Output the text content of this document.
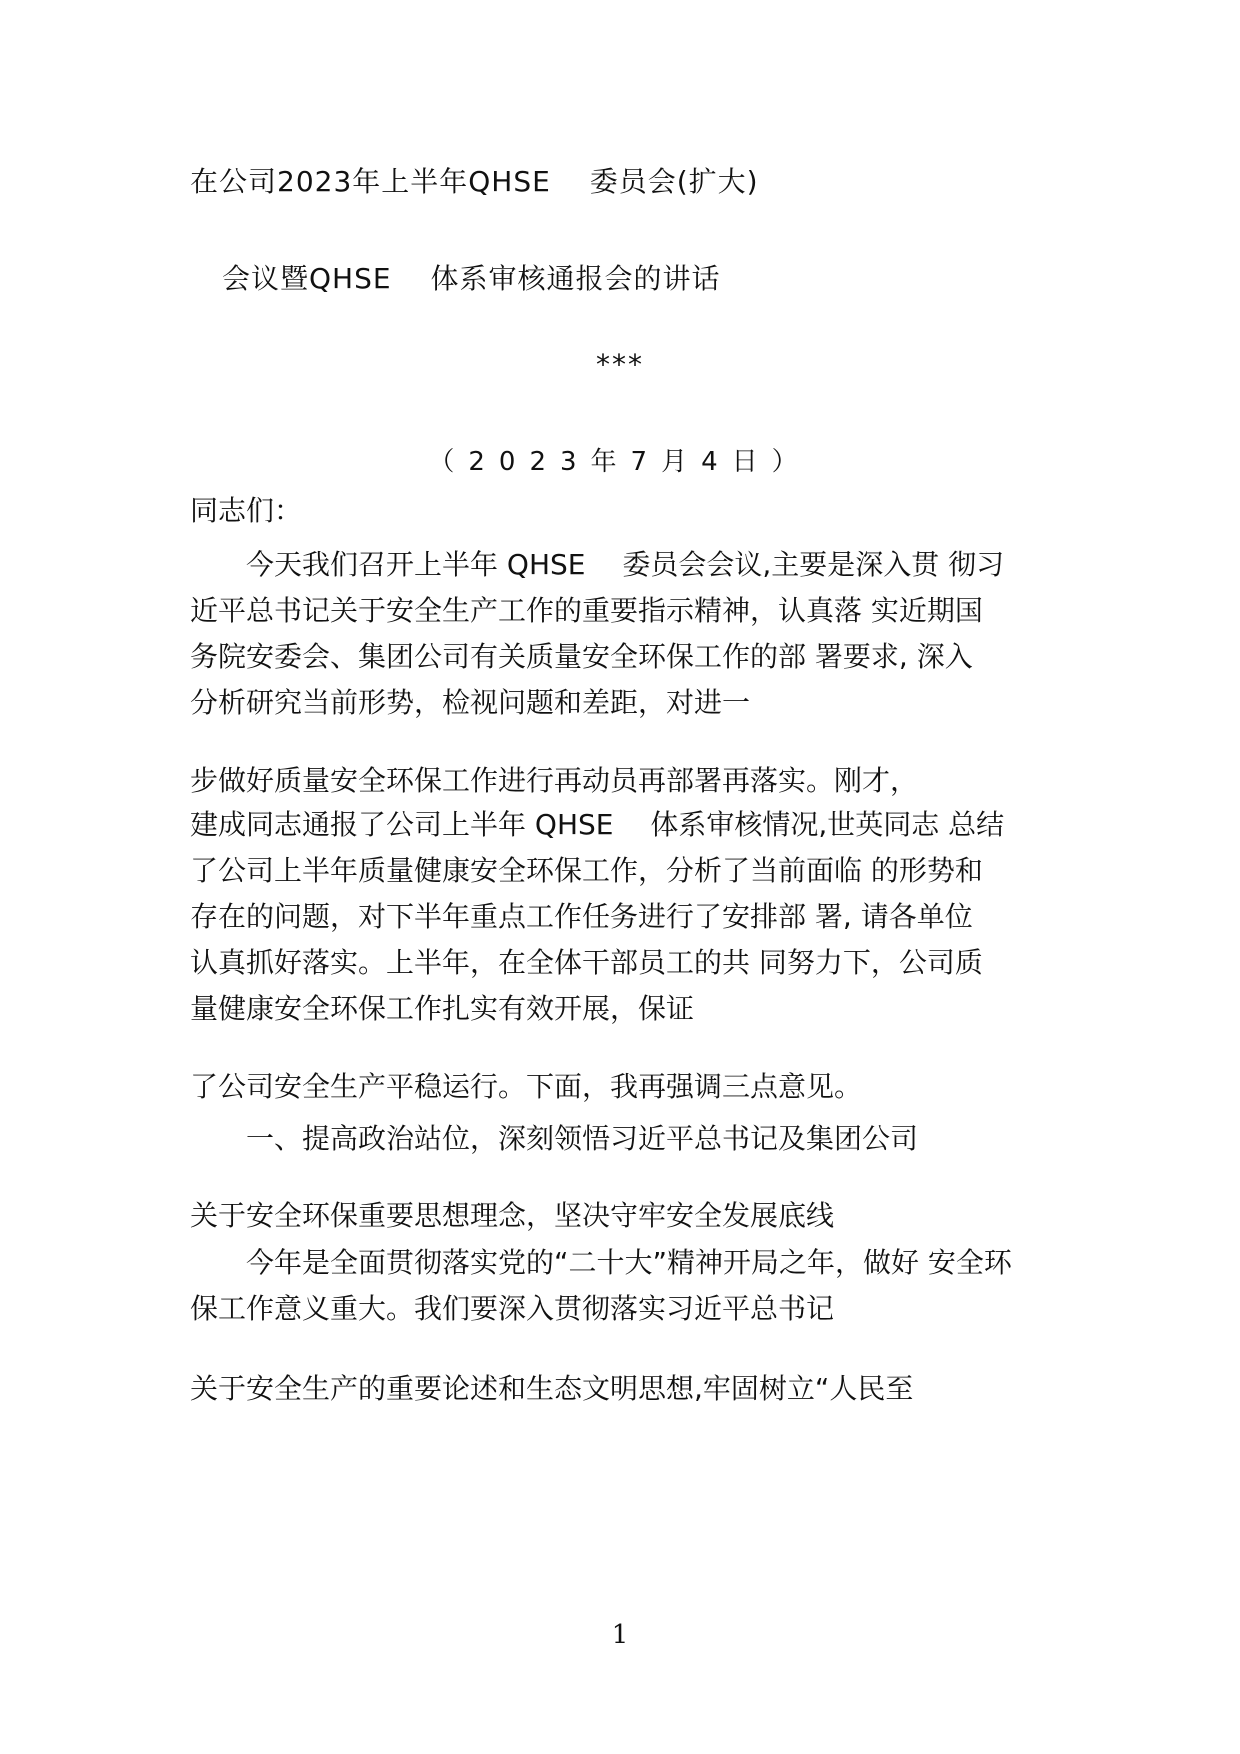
在公司2023年上半年QHSE　 委员会(扩大)
会议暨QHSE　 体系审核通报会的讲话
***
（2023年7月4日）
同志们：
　　今天我们召开上半年 QHSE　 委员会会议,主要是深入贯 彻习
近平总书记关于安全生产工作的重要指示精神，认真落 实近期国
务院安委会、集团公司有关质量安全环保工作的部 署要求, 深入
分析研究当前形势，检视问题和差距，对进一
步做好质量安全环保工作进行再动员再部署再落实。刚才，
建成同志通报了公司上半年 QHSE　 体系审核情况,世英同志 总结
了公司上半年质量健康安全环保工作，分析了当前面临 的形势和
存在的问题，对下半年重点工作任务进行了安排部 署, 请各单位
认真抓好落实。上半年，在全体干部员工的共 同努力下，公司质
量健康安全环保工作扎实有效开展，保证
了公司安全生产平稳运行。下面，我再强调三点意见。
　　一、提高政治站位，深刻领悟习近平总书记及集团公司
关于安全环保重要思想理念，坚决守牢安全发展底线
　　今年是全面贯彻落实党的“二十大”精神开局之年，做好 安全环
保工作意义重大。我们要深入贯彻落实习近平总书记
关于安全生产的重要论述和生态文明思想,牢固树立“人民至
1
